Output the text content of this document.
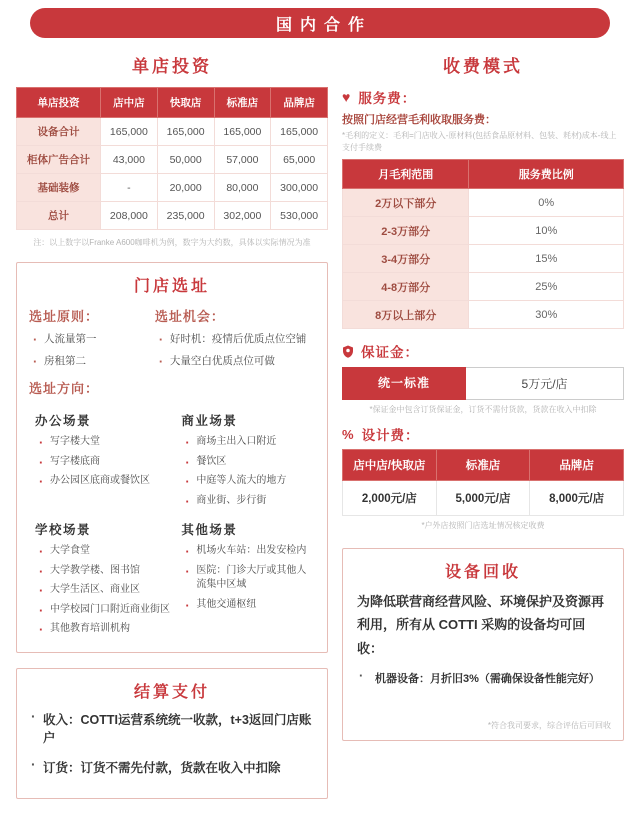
国内合作
单店投资
单店投资	店中店	快取店	标准店	品牌店
设备合计	165,000	165,000	165,000	165,000
柜体广告合计	43,000	50,000	57,000	65,000
基础装修	-	20,000	80,000	300,000
总计	208,000	235,000	302,000	530,000
注：以上数字以Franke A600咖啡机为例，数字为大约数，具体以实际情况为准
门店选址
选址原则：
· 人流量第一
· 房租第二
选址机会：
· 好时机：疫情后优质点位空铺
· 大量空白优质点位可做
选址方向：
办公场景
· 写字楼大堂
· 写字楼底商
· 办公园区底商或餐饮区
商业场景
· 商场主出入口附近
· 餐饮区
· 中庭等人流大的地方
· 商业街、步行街
学校场景
· 大学食堂
· 大学教学楼、图书馆
· 大学生活区、商业区
· 中学校园门口附近商业街区
· 其他教育培训机构
其他场景
· 机场火车站：出发安检内
· 医院：门诊大厅或其他人流集中区域
· 其他交通枢纽
结算支付
· 收入：COTTI运营系统统一收款，t+3返回门店账户
· 订货：订货不需先付款，货款在收入中扣除
收费模式
♥ 服务费：
按照门店经营毛利收取服务费：
*毛利的定义：毛利=门店收入-原材料(包括食品原材料、包装、耗材)成本-线上支付手续费
月毛利范围	服务费比例
2万以下部分	0%
2-3万部分	10%
3-4万部分	15%
4-8万部分	25%
8万以上部分	30%
保证金：
统一标准	5万元/店
*保证金中包含订货保证金，订货不需付货款，货款在收入中扣除
% 设计费：
店中店/快取店	标准店	品牌店
2,000元/店	5,000元/店	8,000元/店
*户外店按照门店选址情况核定收费
设备回收
为降低联营商经营风险、环境保护及资源再利用，所有从 COTTI 采购的设备均可回收：
· 机器设备：月折旧3%（需确保设备性能完好）
*符合我司要求，综合评估后可回收
